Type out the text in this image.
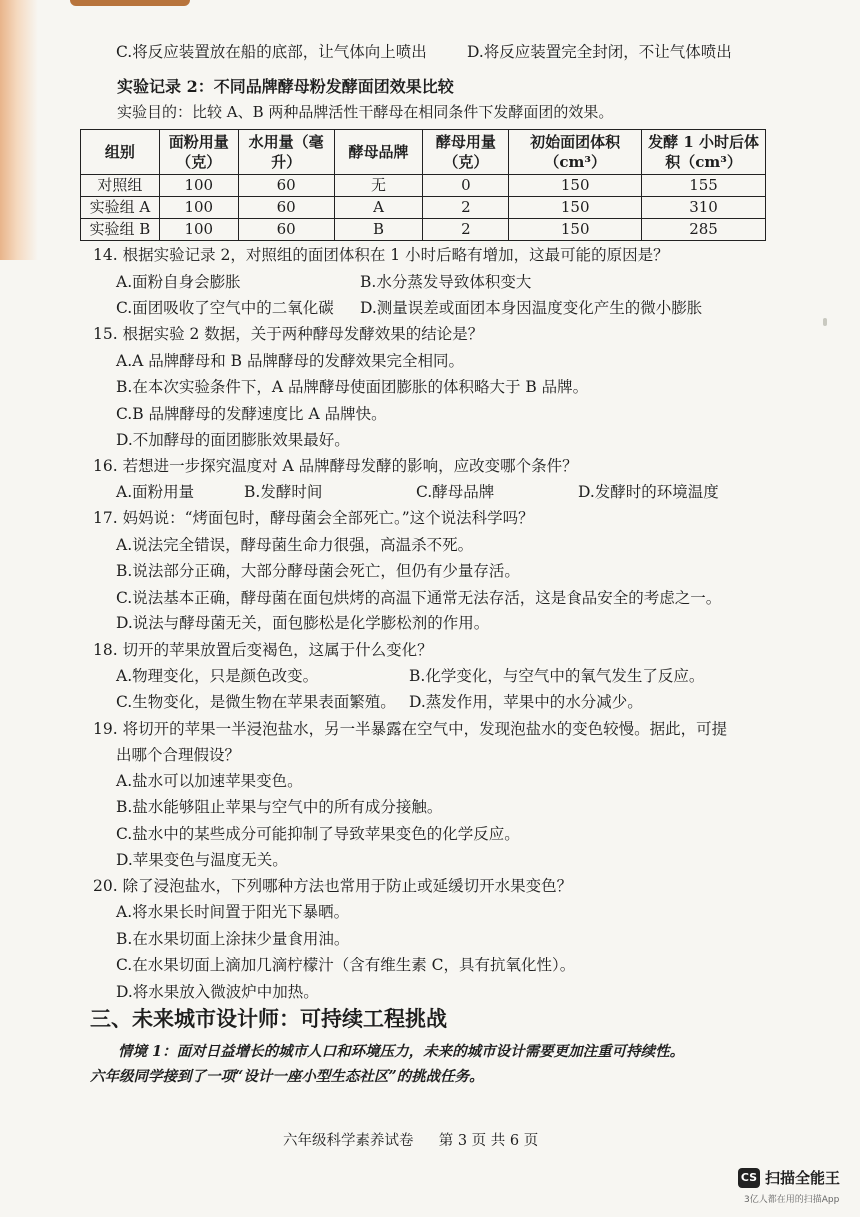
C.将反应装置放在船的底部，让气体向上喷出	D.将反应装置完全封闭，不让气体喷出
实验记录 2：不同品牌酵母粉发酵面团效果比较
实验目的：比较 A、B 两种品牌活性干酵母在相同条件下发酵面团的效果。
组别	面粉用量（克）	水用量（毫升）	酵母品牌	酵母用量（克）	初始面团体积（cm³）	发酵 1 小时后体积（cm³）
对照组	100	60	无	0	150	155
实验组 A	100	60	A	2	150	310
实验组 B	100	60	B	2	150	285
14. 根据实验记录 2，对照组的面团体积在 1 小时后略有增加，这最可能的原因是？
A.面粉自身会膨胀	B.水分蒸发导致体积变大
C.面团吸收了空气中的二氧化碳 D.测量误差或面团本身因温度变化产生的微小膨胀
15. 根据实验 2 数据，关于两种酵母发酵效果的结论是？
A.A 品牌酵母和 B 品牌酵母的发酵效果完全相同。
B.在本次实验条件下，A 品牌酵母使面团膨胀的体积略大于 B 品牌。
C.B 品牌酵母的发酵速度比 A 品牌快。
D.不加酵母的面团膨胀效果最好。
16. 若想进一步探究温度对 A 品牌酵母发酵的影响，应改变哪个条件？
A.面粉用量	B.发酵时间	C.酵母品牌	D.发酵时的环境温度
17. 妈妈说：“烤面包时，酵母菌会全部死亡。”这个说法科学吗？
A.说法完全错误，酵母菌生命力很强，高温杀不死。
B.说法部分正确，大部分酵母菌会死亡，但仍有少量存活。
C.说法基本正确，酵母菌在面包烘烤的高温下通常无法存活，这是食品安全的考虑之一。
D.说法与酵母菌无关，面包膨松是化学膨松剂的作用。
18. 切开的苹果放置后变褐色，这属于什么变化？
A.物理变化，只是颜色改变。	B.化学变化，与空气中的氧气发生了反应。
C.生物变化，是微生物在苹果表面繁殖。 D.蒸发作用，苹果中的水分减少。
19. 将切开的苹果一半浸泡盐水，另一半暴露在空气中，发现泡盐水的变色较慢。据此，可提
出哪个合理假设？
A.盐水可以加速苹果变色。
B.盐水能够阻止苹果与空气中的所有成分接触。
C.盐水中的某些成分可能抑制了导致苹果变色的化学反应。
D.苹果变色与温度无关。
20. 除了浸泡盐水，下列哪种方法也常用于防止或延缓切开水果变色？
A.将水果长时间置于阳光下暴晒。
B.在水果切面上涂抹少量食用油。
C.在水果切面上滴加几滴柠檬汁（含有维生素 C，具有抗氧化性）。
D.将水果放入微波炉中加热。
三、未来城市设计师：可持续工程挑战
情境 1：面对日益增长的城市人口和环境压力，未来的城市设计需要更加注重可持续性。
六年级同学接到了一项“设计一座小型生态社区”的挑战任务。
六年级科学素养试卷 第 3 页 共 6 页
CS 扫描全能王
3亿人都在用的扫描App
